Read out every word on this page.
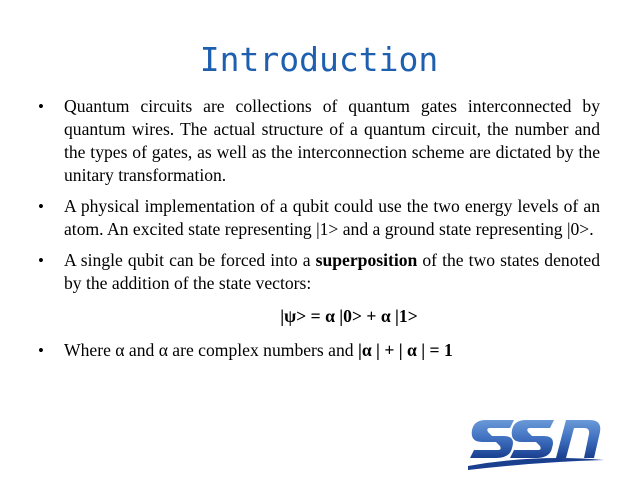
Introduction
• Quantum circuits are collections of quantum gates interconnected by quantum wires. The actual structure of a quantum circuit, the number and the types of gates, as well as the interconnection scheme are dictated by the unitary transformation.
• A physical implementation of a qubit could use the two energy levels of an atom. An excited state representing |1> and a ground state representing |0>.
• A single qubit can be forced into a superposition of the two states denoted by the addition of the state vectors:
|ψ> = α |0> + α |1>
• Where α and α are complex numbers and |α | + | α | = 1
